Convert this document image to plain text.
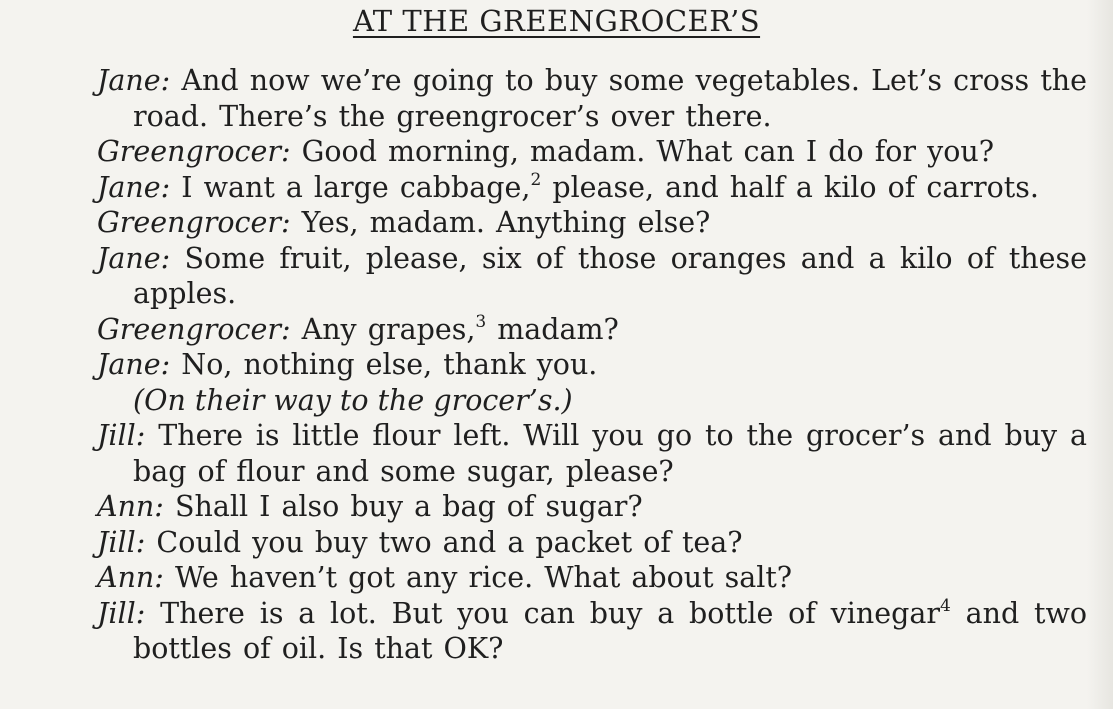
AT THE GREENGROCER’S
Jane: And now we’re going to buy some vegetables. Let’s cross the road. There’s the greengrocer’s over there.
Greengrocer: Good morning, madam. What can I do for you?
Jane: I want a large cabbage,$^2$ please, and half a kilo of carrots.
Greengrocer: Yes, madam. Anything else?
Jane: Some fruit, please, six of those oranges and a kilo of these apples.
Greengrocer: Any grapes,$^3$ madam?
Jane: No, nothing else, thank you.
(On their way to the grocer’s.)
Jill: There is little flour left. Will you go to the grocer’s and buy a bag of flour and some sugar, please?
Ann: Shall I also buy a bag of sugar?
Jill: Could you buy two and a packet of tea?
Ann: We haven’t got any rice. What about salt?
Jill: There is a lot. But you can buy a bottle of vinegar$^4$ and two bottles of oil. Is that OK?
